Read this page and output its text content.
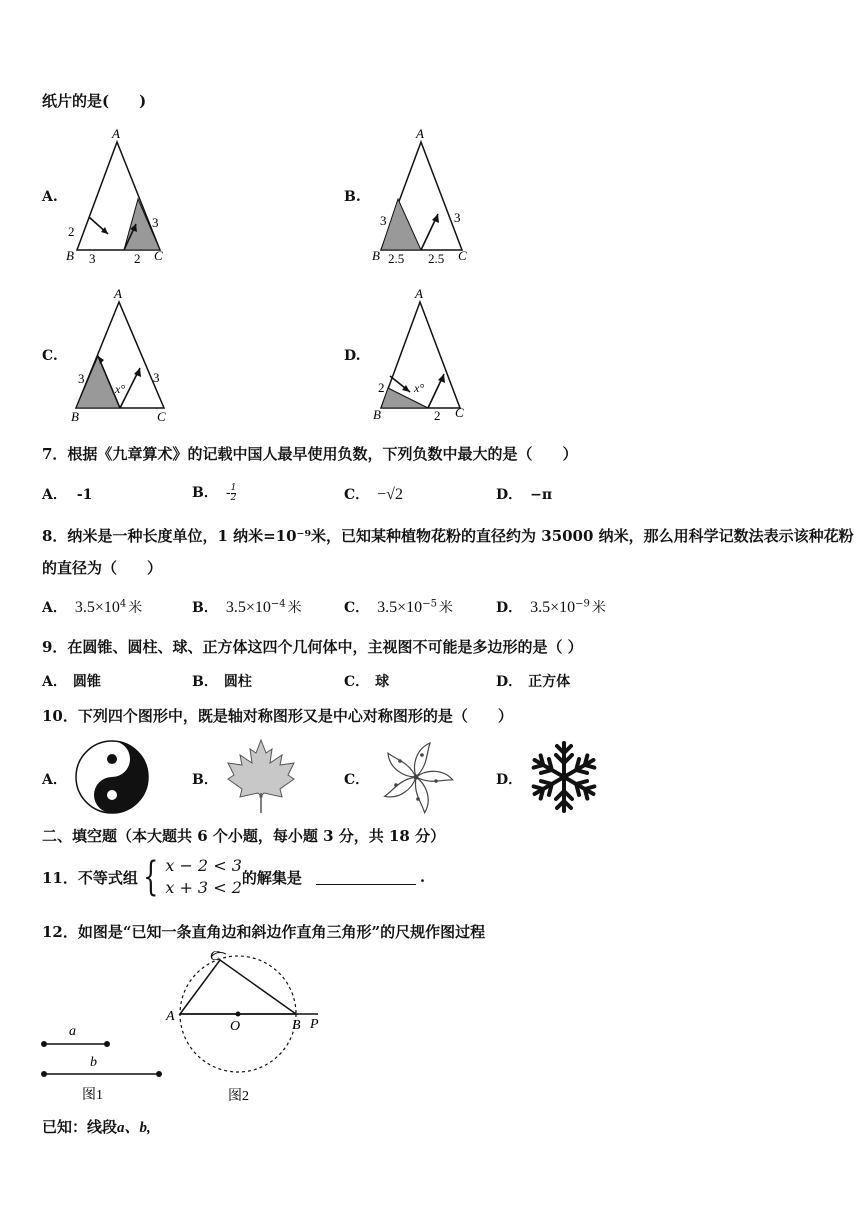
纸片的是(　　)
A.
A
B	C
2
3
3	2
B.
A
B	C
3	3
2.5 2.5
C.
A
B	C
3	3
x°
D.
A
B	C
2
2
x°
7．根据《九章算术》的记载中国人最早使用负数，下列负数中最大的是（　　）
A． -1	B． - $\frac{1}{2}$	C． −√2	D． −π
8．纳米是一种长度单位，1 纳米=10⁻⁹米，已知某种植物花粉的直径约为 35000 纳米，那么用科学记数法表示该种花粉
的直径为（　　）
A． $3.5\times 10^4$ 米	B． $3.5\times 10^{-4}$ 米	C． $3.5\times 10^{-5}$ 米	D． $3.5\times 10^{-9}$ 米
9．在圆锥、圆柱、球、正方体这四个几何体中，主视图不可能是多边形的是（ ）
A． 圆锥	B． 圆柱	C． 球	D． 正方体
10．下列四个图形中，既是轴对称图形又是中心对称图形的是（　　）
A．	B．	C．	D．
二、填空题（本大题共 6 个小题，每小题 3 分，共 18 分）
11．不等式组 { x − 2 < 3
x + 3 < 2
的解集是	.
12．如图是“已知一条直角边和斜边作直角三角形”的尺规作图过程
a
b
图1
C
A
O	B P
图2
已知：线段a、b,
